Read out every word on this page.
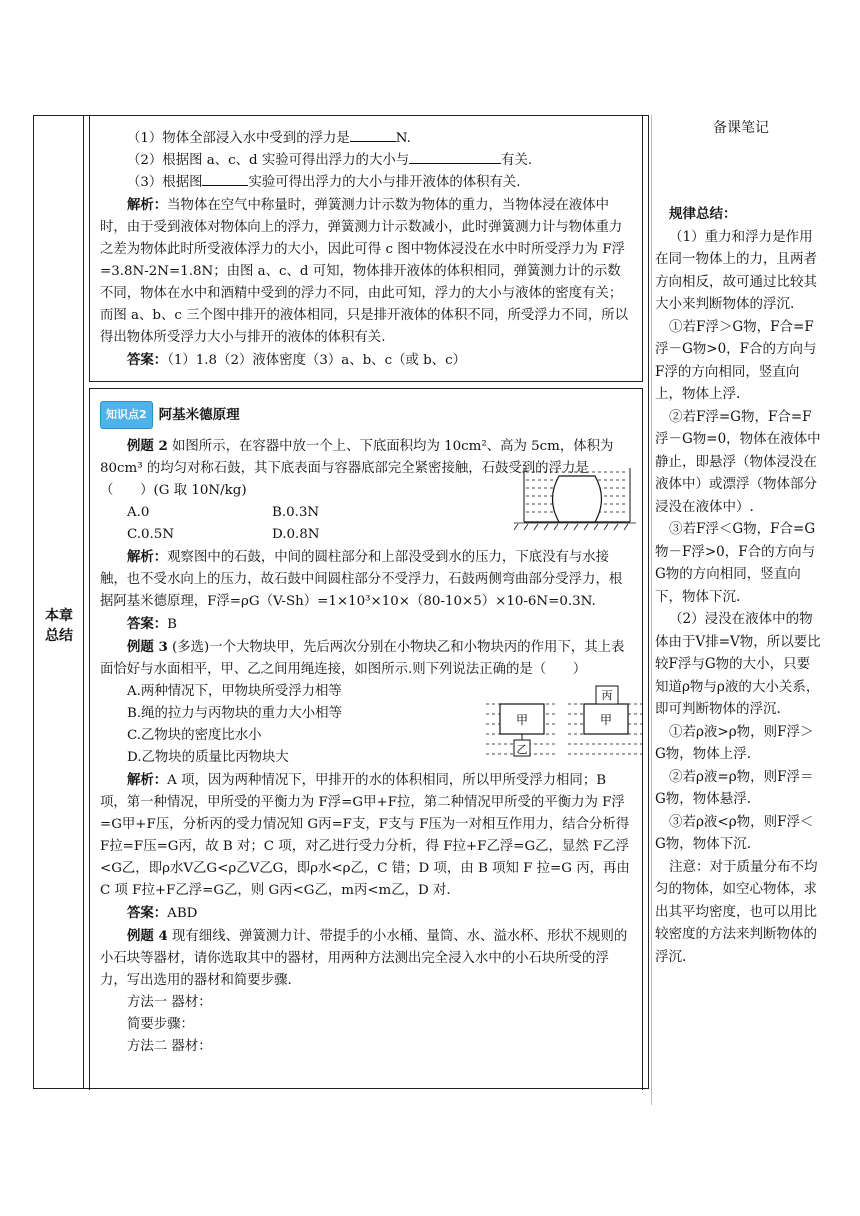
本章总结

（1）物体全部浸入水中受到的浮力是	N.

（2）根据图 a、c、d 实验可得出浮力的大小与	有关.

（3）根据图	实验可得出浮力的大小与排开液体的体积有关.

解析：当物体在空气中称量时，弹簧测力计示数为物体的重力，当物体浸在液体中时，由于受到液体对物体向上的浮力，弹簧测力计示数减小，此时弹簧测力计与物体重力之差为物体此时所受液体浮力的大小，因此可得 c 图中物体浸没在水中时所受浮力为 F浮=3.8N-2N=1.8N；由图 a、c、d 可知，物体排开液体的体积相同，弹簧测力计的示数不同，物体在水中和酒精中受到的浮力不同，由此可知，浮力的大小与液体的密度有关；而图 a、b、c 三个图中排开的液体相同，只是排开液体的体积不同，所受浮力不同，所以得出物体所受浮力大小与排开的液体的体积有关.

答案：（1）1.8（2）液体密度（3）a、b、c（或 b、c）

知识点2 阿基米德原理

例题 2 如图所示，在容器中放一个上、下底面积均为 10cm²、高为 5cm，体积为 80cm³ 的均匀对称石鼓，其下底表面与容器底部完全紧密接触，石鼓受到的浮力是（　　）(G 取 10N/kg)

A.0	B.0.3N
C.0.5N	D.0.8N

解析：观察图中的石鼓，中间的圆柱部分和上部没受到水的压力，下底没有与水接触，也不受水向上的压力，故石鼓中间圆柱部分不受浮力，石鼓两侧弯曲部分受浮力，根据阿基米德原理，F浮=ρG（V-Sh）=1×10³×10×（80-10×5）×10-6N=0.3N.

答案：B

例题 3 (多选)一个大物块甲，先后两次分别在小物块乙和小物块丙的作用下，其上表面恰好与水面相平，甲、乙之间用绳连接，如图所示.则下列说法正确的是（　　）

A.两种情况下，甲物块所受浮力相等

B.绳的拉力与丙物块的重力大小相等

C.乙物块的密度比水小

D.乙物块的质量比丙物块大

解析：A 项，因为两种情况下，甲排开的水的体积相同，所以甲所受浮力相同；B 项，第一种情况，甲所受的平衡力为 F浮=G甲+F拉，第二种情况甲所受的平衡力为 F浮=G甲+F压，分析丙的受力情况知 G丙=F支，F支与 F压为一对相互作用力，结合分析得 F拉=F压=G丙，故 B 对；C 项，对乙进行受力分析，得 F拉+F乙浮=G乙，显然 F乙浮<G乙，即ρ水V乙G<ρ乙V乙G，即ρ水<ρ乙，C 错；D 项，由 B 项知 F 拉=G 丙，再由 C 项 F拉+F乙浮=G乙，则 G丙<G乙，m丙<m乙，D 对.

答案：ABD

例题 4 现有细线、弹簧测力计、带提手的小水桶、量筒、水、溢水杯、形状不规则的小石块等器材，请你选取其中的器材，用两种方法测出完全浸入水中的小石块所受的浮力，写出选用的器材和简要步骤.

方法一 器材：

简要步骤：

方法二 器材：

甲
乙
甲
丙
备课笔记

规律总结：

（1）重力和浮力是作用在同一物体上的力，且两者方向相反，故可通过比较其大小来判断物体的浮沉.

①若F浮＞G物，F合=F浮－G物>0，F合的方向与F浮的方向相同，竖直向上，物体上浮.

②若F浮=G物，F合=F浮－G物=0，物体在液体中静止，即悬浮（物体浸没在液体中）或漂浮（物体部分浸没在液体中）.

③若F浮＜G物，F合=G物－F浮>0，F合的方向与G物的方向相同，竖直向下，物体下沉.

（2）浸没在液体中的物体由于V排=V物，所以要比较F浮与G物的大小，只要知道ρ物与ρ液的大小关系，即可判断物体的浮沉.

①若ρ液>ρ物，则F浮＞G物，物体上浮.

②若ρ液=ρ物，则F浮＝G物，物体悬浮.

③若ρ液<ρ物，则F浮＜G物，物体下沉.

注意：对于质量分布不均匀的物体，如空心物体，求出其平均密度，也可以用比较密度的方法来判断物体的浮沉.
